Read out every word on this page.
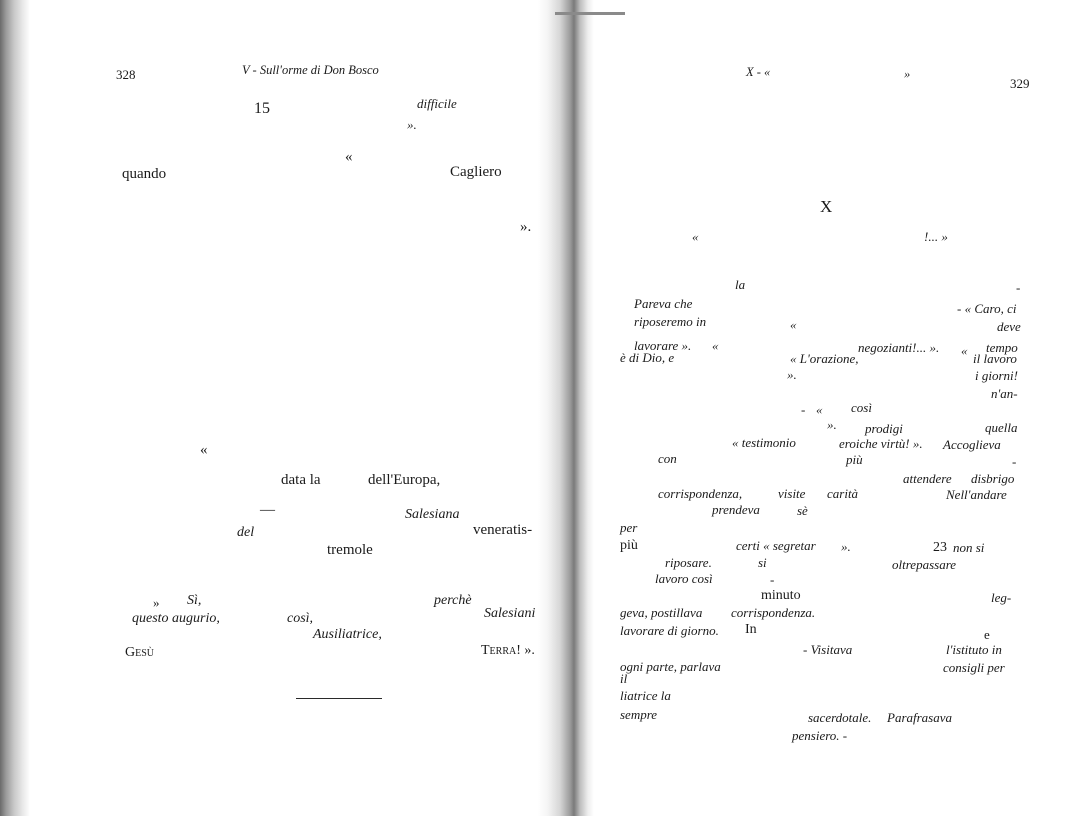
328	V - Sull'orme di Don Bosco
15	difficile
».
«
quando	Cagliero
».
«
data la	dell'Europa,
—	Salesiana
del	veneratis-
tremole
» Sì,	perchè
questo augurio,	così,	Salesiani
Ausiliatrice,
Gesù	Terra! ».
X - «	»
329
X
«	!... »
la	-
Pareva che	- « Caro, ci
riposeremo in	«	deve
lavorare ». «	negozianti!... ». « tempo
è di Dio, e	« L'orazione,	il lavoro
».	i giorni!
n'an-
- « così
». prodigi	quella
« testimonio	eroiche virtù! ». Accoglieva
con	più	-
attendere disbrigo
corrispondenza,	visite carità	Nell'andare
prendeva	sè
per
più	certi « segretar ».	23 non si
riposare.	si	oltrepassare
lavoro così	-
minuto	leg-
geva, postillava corrispondenza.
lavorare di giorno. In	e
- Visitava	l'istituto in
ogni parte, parlava	consigli per
il
liatrice la
sempre	sacerdotale. Parafrasava
pensiero. -
